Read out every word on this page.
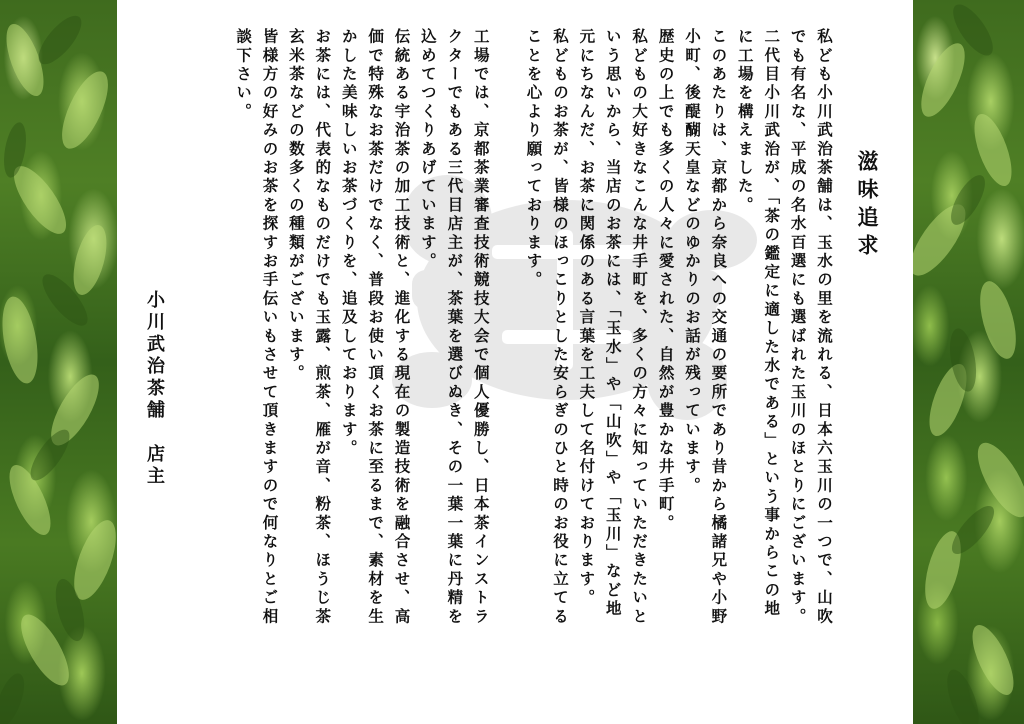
滋味追求

私ども小川武治茶舗は、玉水の里を流れる、日本六玉川の一つで、山吹でも有名な、平成の名水百選にも選ばれた玉川のほとりにございます。

二代目小川武治が、「茶の鑑定に適した水である」という事からこの地に工場を構えました。

このあたりは、京都から奈良への交通の要所であり昔から橘諸兄や小野小町、後醍醐天皇などのゆかりのお話が残っています。

歴史の上でも多くの人々に愛された、自然が豊かな井手町。

私どもの大好きなこんな井手町を、多くの方々に知っていただきたいという思いから、当店のお茶には、「玉水」や「山吹」や「玉川」など地元にちなんだ、お茶に関係のある言葉を工夫して名付けております。

私どものお茶が、皆様のほっこりとした安らぎのひと時のお役に立てることを心より願っております。

工場では、京都茶業審査技術競技大会で個人優勝し、日本茶インストラクターでもある三代目店主が、茶葉を選びぬき、その一葉一葉に丹精を込めてつくりあげています。

伝統ある宇治茶の加工技術と、進化する現在の製造技術を融合させ、高価で特殊なお茶だけでなく、普段お使い頂くお茶に至るまで、素材を生かした美味しいお茶づくりを、追及しております。

お茶には、代表的なものだけでも玉露、煎茶、雁が音、粉茶、ほうじ茶玄米茶などの数多くの種類がございます。

皆様方の好みのお茶を探すお手伝いもさせて頂きますので何なりとご相談下さい。

小川武治茶舗　店主
